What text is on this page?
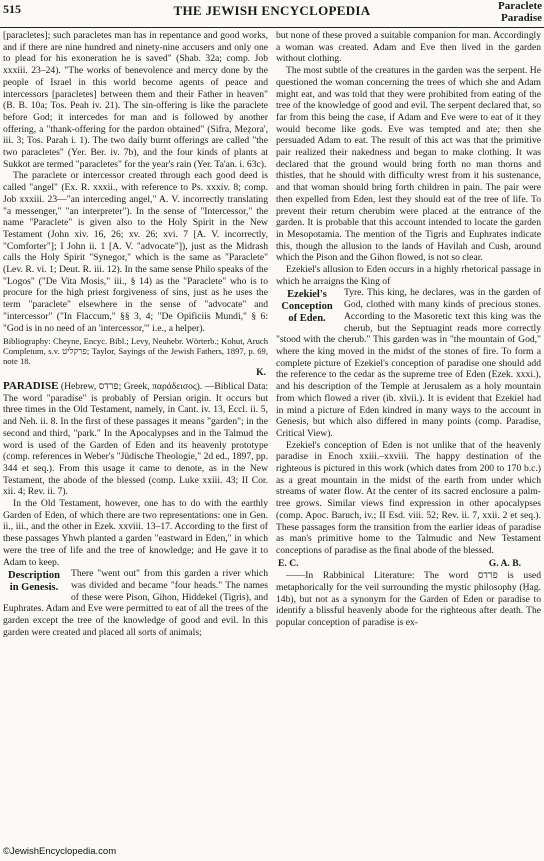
515	THE JEWISH ENCYCLOPEDIA	Paraclete
Paradise

[paracletes]; such paracletes man has in repentance and good works, and if there are nine hundred and ninety-nine accusers and only one to plead for his exoneration he is saved" (Shab. 32a; comp. Job xxxiii. 23–24). "The works of benevolence and mercy done by the people of Israel in this world become agents of peace and intercessors [paracletes] between them and their Father in heaven" (B. B. 10a; Tos. Peah iv. 21). The sin-offering is like the paraclete before God; it intercedes for man and is followed by another offering, a "thank-offering for the pardon obtained" (Sifra, Meẓora', iii. 3; Tos. Parah i. 1). The two daily burnt offerings are called "the two paracletes" (Yer. Ber. iv. 7b), and the four kinds of plants at Sukkot are termed "paracletes" for the year's rain (Yer. Ta'an. i. 63c).

The paraclete or intercessor created through each good deed is called "angel" (Ex. R. xxxii., with reference to Ps. xxxiv. 8; comp. Job xxxiii. 23—"an interceding angel," A. V. incorrectly translating "a messenger," "an interpreter"). In the sense of "Intercessor," the name "Paraclete" is given also to the Holy Spirit in the New Testament (John xiv. 16, 26; xv. 26; xvi. 7 [A. V. incorrectly, "Comforter"]; I John ii. 1 [A. V. "advocate"]), just as the Midrash calls the Holy Spirit "Synegor," which is the same as "Paraclete" (Lev. R. vi. 1; Deut. R. iii. 12). In the same sense Philo speaks of the "Logos" ("De Vita Mosis," iii., § 14) as the "Paraclete" who is to procure for the high priest forgiveness of sins, just as he uses the term "paraclete" elsewhere in the sense of "advocate" and "intercessor" ("In Flaccum," §§ 3, 4; "De Opificiis Mundi," § 6: "God is in no need of an 'intercessor,'" i.e., a helper).

Bibliography: Cheyne, Encyc. Bibl.; Levy, Neuhebr. Wörterb.; Kohut, Aruch Completum, s.v. פרקליט; Taylor, Sayings of the Jewish Fathers, 1897, p. 69, note 18.

K.

PARADISE (Hebrew, פרדס; Greek, παράδεισος). —Biblical Data: The word "paradise" is probably of Persian origin. It occurs but three times in the Old Testament, namely, in Cant. iv. 13, Eccl. ii. 5, and Neh. ii. 8. In the first of these passages it means "garden"; in the second and third, "park." In the Apocalypses and in the Talmud the word is used of the Garden of Eden and its heavenly prototype (comp. references in Weber's "Jüdische Theologie," 2d ed., 1897, pp. 344 et seq.). From this usage it came to denote, as in the New Testament, the abode of the blessed (comp. Luke xxiii. 43; II Cor. xii. 4; Rev. ii. 7).

In the Old Testament, however, one has to do with the earthly Garden of Eden, of which there are two representations: one in Gen. ii., iii., and the other in Ezek. xxviii. 13–17. According to the first of these passages Yhwh planted a garden "eastward in Eden," in which were the tree of life and the tree of knowledge; and He gave it to Adam to keep.

Description in Genesis.

There "went out" from this garden a river which was divided and became "four heads." The names of these were Pison, Gihon, Hiddekel (Tigris), and Euphrates. Adam and Eve were permitted to eat of all the trees of the garden except the tree of the knowledge of good and evil. In this garden were created and placed all sorts of animals;

but none of these proved a suitable companion for man. Accordingly a woman was created. Adam and Eve then lived in the garden without clothing.

The most subtle of the creatures in the garden was the serpent. He questioned the woman concerning the trees of which she and Adam might eat, and was told that they were prohibited from eating of the tree of the knowledge of good and evil. The serpent declared that, so far from this being the case, if Adam and Eve were to eat of it they would become like gods. Eve was tempted and ate; then she persuaded Adam to eat. The result of this act was that the primitive pair realized their nakedness and began to make clothing. It was declared that the ground would bring forth no man thorns and thistles, that he should with difficulty wrest from it his sustenance, and that woman should bring forth children in pain. The pair were then expelled from Eden, lest they should eat of the tree of life. To prevent their return cherubim were placed at the entrance of the garden. It is probable that this account intended to locate the garden in Mesopotamia. The mention of the Tigris and Euphrates indicate this, though the allusion to the lands of Havilah and Cush, around which the Pison and the Gihon flowed, is not so clear.

Ezekiel's allusion to Eden occurs in a highly rhetorical passage in which he arraigns the King of

Ezekiel's Conception of Eden.

Tyre. This king, he declares, was in the garden of God, clothed with many kinds of precious stones. According to the Masoretic text this king was the cherub, but the Septuagint reads more correctly "stood with the cherub." This garden was in "the mountain of God," where the king moved in the midst of the stones of fire. To form a complete picture of Ezekiel's conception of paradise one should add the reference to the cedar as the supreme tree of Eden (Ezek. xxxi.), and his description of the Temple at Jerusalem as a holy mountain from which flowed a river (ib. xlvii.). It is evident that Ezekiel had in mind a picture of Eden kindred in many ways to the account in Genesis, but which also differed in many points (comp. Paradise, Critical View).

Ezekiel's conception of Eden is not unlike that of the heavenly paradise in Enoch xxiii.–xxviii. The happy destination of the righteous is pictured in this work (which dates from 200 to 170 b.c.) as a great mountain in the midst of the earth from under which streams of water flow. At the center of its sacred enclosure a palm-tree grows. Similar views find expression in other apocalypses (comp. Apoc. Baruch, iv.; II Esd. viii. 52; Rev. ii. 7, xxii. 2 et seq.). These passages form the transition from the earlier ideas of paradise as man's primitive home to the Talmudic and New Testament conceptions of paradise as the final abode of the blessed.

E. C.	G. A. B.

——In Rabbinical Literature: The word פרדס is used metaphorically for the veil surrounding the mystic philosophy (Ḥag. 14b), but not as a synonym for the Garden of Eden or paradise to identify a blissful heavenly abode for the righteous after death. The popular conception of paradise is ex-

©JewishEncyclopedia.com
